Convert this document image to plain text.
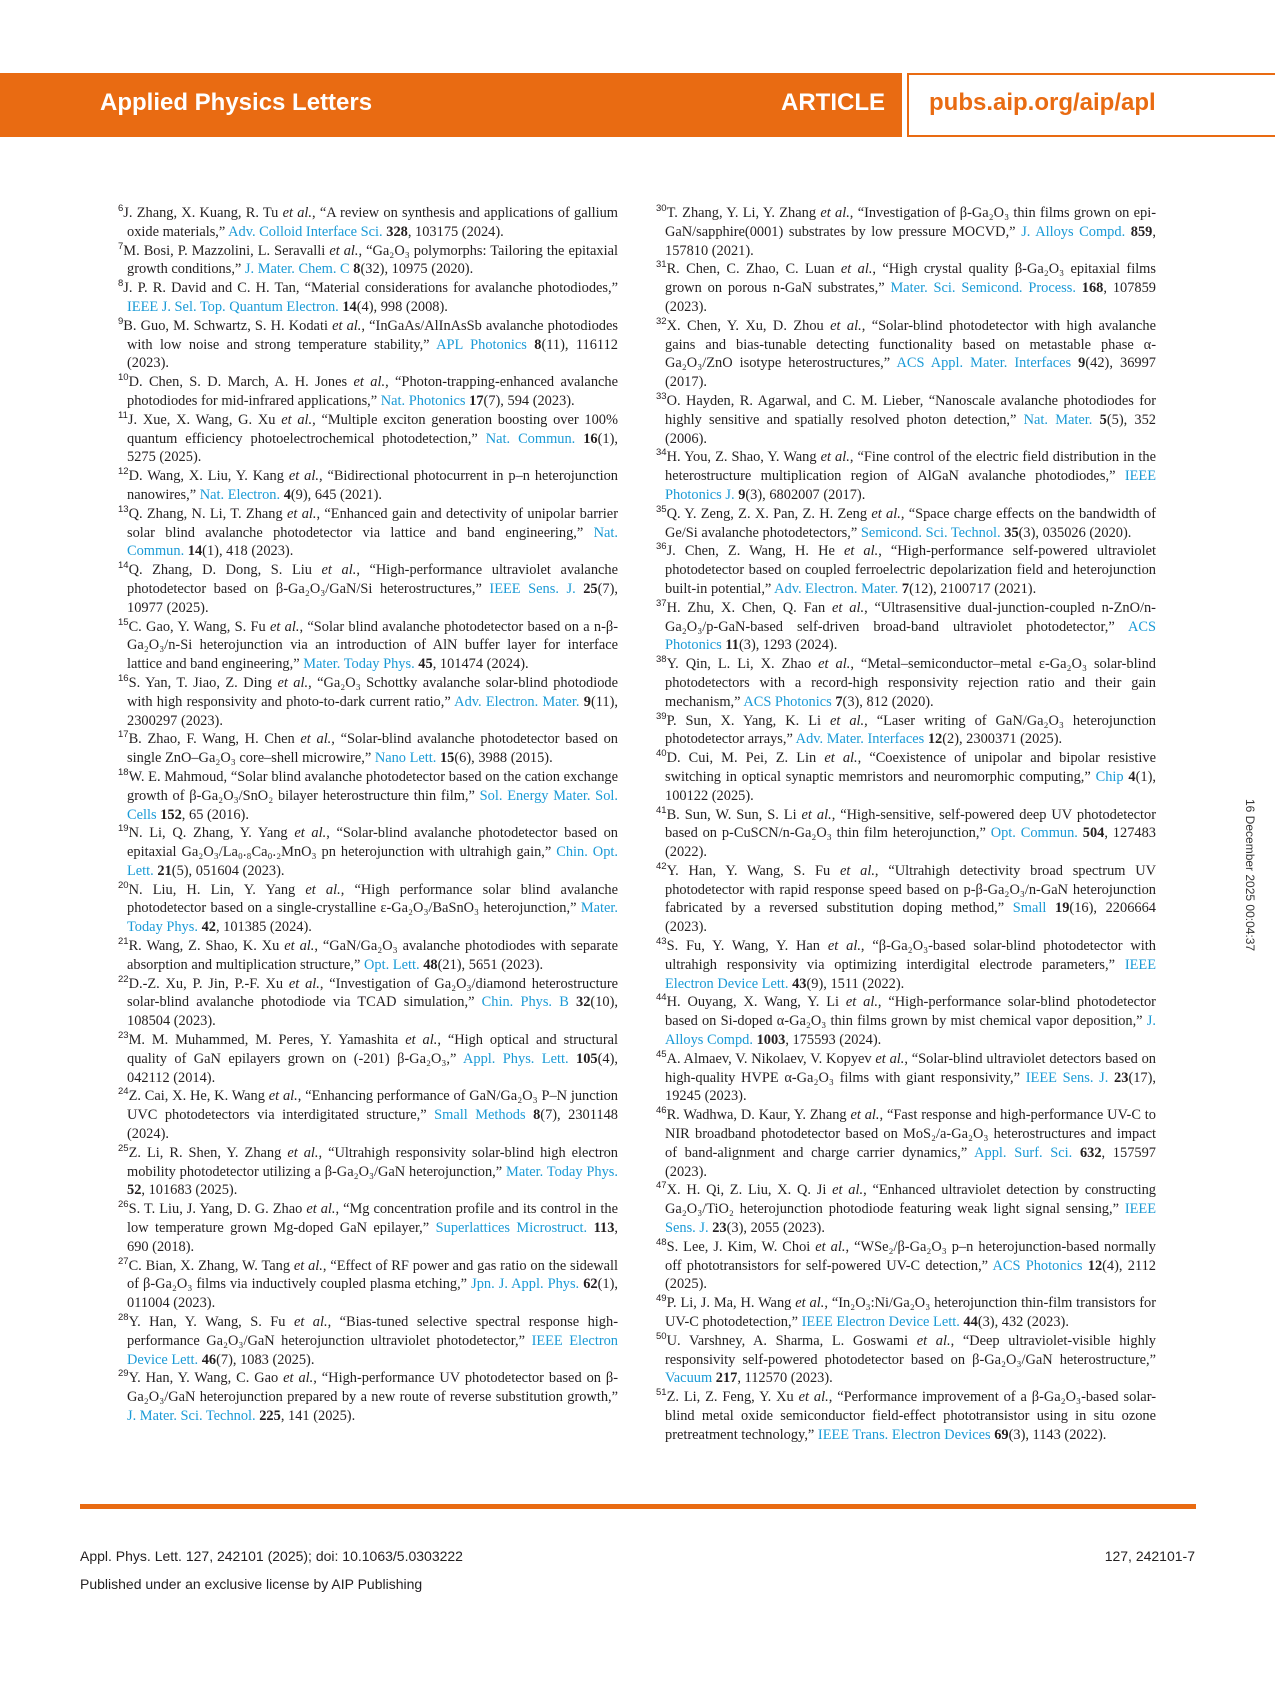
Applied Physics Letters	ARTICLE pubs.aip.org/aip/apl

$^6$J. Zhang, X. Kuang, R. Tu et al., “A review on synthesis and applications of gallium oxide materials,” Adv. Colloid Interface Sci. 328, 103175 (2024).

$^7$M. Bosi, P. Mazzolini, L. Seravalli et al., “Ga₂O₃ polymorphs: Tailoring the epitaxial growth conditions,” J. Mater. Chem. C 8(32), 10975 (2020).

$^8$J. P. R. David and C. H. Tan, “Material considerations for avalanche photodiodes,” IEEE J. Sel. Top. Quantum Electron. 14(4), 998 (2008).

$^9$B. Guo, M. Schwartz, S. H. Kodati et al., “InGaAs/AlInAsSb avalanche photodiodes with low noise and strong temperature stability,” APL Photonics 8(11), 116112 (2023).

$^{10}$D. Chen, S. D. March, A. H. Jones et al., “Photon-trapping-enhanced avalanche photodiodes for mid-infrared applications,” Nat. Photonics 17(7), 594 (2023).

$^{11}$J. Xue, X. Wang, G. Xu et al., “Multiple exciton generation boosting over 100% quantum efficiency photoelectrochemical photodetection,” Nat. Commun. 16(1), 5275 (2025).

$^{12}$D. Wang, X. Liu, Y. Kang et al., “Bidirectional photocurrent in p–n heterojunction nanowires,” Nat. Electron. 4(9), 645 (2021).

$^{13}$Q. Zhang, N. Li, T. Zhang et al., “Enhanced gain and detectivity of unipolar barrier solar blind avalanche photodetector via lattice and band engineering,” Nat. Commun. 14(1), 418 (2023).

$^{14}$Q. Zhang, D. Dong, S. Liu et al., “High-performance ultraviolet avalanche photodetector based on β-Ga₂O₃/GaN/Si heterostructures,” IEEE Sens. J. 25(7), 10977 (2025).

$^{15}$C. Gao, Y. Wang, S. Fu et al., “Solar blind avalanche photodetector based on a n-β-Ga₂O₃/n-Si heterojunction via an introduction of AlN buffer layer for interface lattice and band engineering,” Mater. Today Phys. 45, 101474 (2024).

$^{16}$S. Yan, T. Jiao, Z. Ding et al., “Ga₂O₃ Schottky avalanche solar-blind photodiode with high responsivity and photo-to-dark current ratio,” Adv. Electron. Mater. 9(11), 2300297 (2023).

$^{17}$B. Zhao, F. Wang, H. Chen et al., “Solar-blind avalanche photodetector based on single ZnO–Ga₂O₃ core–shell microwire,” Nano Lett. 15(6), 3988 (2015).

$^{18}$W. E. Mahmoud, “Solar blind avalanche photodetector based on the cation exchange growth of β-Ga₂O₃/SnO₂ bilayer heterostructure thin film,” Sol. Energy Mater. Sol. Cells 152, 65 (2016).

$^{19}$N. Li, Q. Zhang, Y. Yang et al., “Solar-blind avalanche photodetector based on epitaxial Ga₂O₃/La₀.₈Ca₀.₂MnO₃ pn heterojunction with ultrahigh gain,” Chin. Opt. Lett. 21(5), 051604 (2023).

$^{20}$N. Liu, H. Lin, Y. Yang et al., “High performance solar blind avalanche photodetector based on a single-crystalline ε-Ga₂O₃/BaSnO₃ heterojunction,” Mater. Today Phys. 42, 101385 (2024).

$^{21}$R. Wang, Z. Shao, K. Xu et al., “GaN/Ga₂O₃ avalanche photodiodes with separate absorption and multiplication structure,” Opt. Lett. 48(21), 5651 (2023).

$^{22}$D.-Z. Xu, P. Jin, P.-F. Xu et al., “Investigation of Ga₂O₃/diamond heterostructure solar-blind avalanche photodiode via TCAD simulation,” Chin. Phys. B 32(10), 108504 (2023).

$^{23}$M. M. Muhammed, M. Peres, Y. Yamashita et al., “High optical and structural quality of GaN epilayers grown on (-201) β-Ga₂O₃,” Appl. Phys. Lett. 105(4), 042112 (2014).

$^{24}$Z. Cai, X. He, K. Wang et al., “Enhancing performance of GaN/Ga₂O₃ P–N junction UVC photodetectors via interdigitated structure,” Small Methods 8(7), 2301148 (2024).

$^{25}$Z. Li, R. Shen, Y. Zhang et al., “Ultrahigh responsivity solar-blind high electron mobility photodetector utilizing a β-Ga₂O₃/GaN heterojunction,” Mater. Today Phys. 52, 101683 (2025).

$^{26}$S. T. Liu, J. Yang, D. G. Zhao et al., “Mg concentration profile and its control in the low temperature grown Mg-doped GaN epilayer,” Superlattices Microstruct. 113, 690 (2018).

$^{27}$C. Bian, X. Zhang, W. Tang et al., “Effect of RF power and gas ratio on the sidewall of β-Ga₂O₃ films via inductively coupled plasma etching,” Jpn. J. Appl. Phys. 62(1), 011004 (2023).

$^{28}$Y. Han, Y. Wang, S. Fu et al., “Bias-tuned selective spectral response high-performance Ga₂O₃/GaN heterojunction ultraviolet photodetector,” IEEE Electron Device Lett. 46(7), 1083 (2025).

$^{29}$Y. Han, Y. Wang, C. Gao et al., “High-performance UV photodetector based on β-Ga₂O₃/GaN heterojunction prepared by a new route of reverse substitution growth,” J. Mater. Sci. Technol. 225, 141 (2025).

$^{30}$T. Zhang, Y. Li, Y. Zhang et al., “Investigation of β-Ga₂O₃ thin films grown on epi-GaN/sapphire(0001) substrates by low pressure MOCVD,” J. Alloys Compd. 859, 157810 (2021).

$^{31}$R. Chen, C. Zhao, C. Luan et al., “High crystal quality β-Ga₂O₃ epitaxial films grown on porous n-GaN substrates,” Mater. Sci. Semicond. Process. 168, 107859 (2023).

$^{32}$X. Chen, Y. Xu, D. Zhou et al., “Solar-blind photodetector with high avalanche gains and bias-tunable detecting functionality based on metastable phase α-Ga₂O₃/ZnO isotype heterostructures,” ACS Appl. Mater. Interfaces 9(42), 36997 (2017).

$^{33}$O. Hayden, R. Agarwal, and C. M. Lieber, “Nanoscale avalanche photodiodes for highly sensitive and spatially resolved photon detection,” Nat. Mater. 5(5), 352 (2006).

$^{34}$H. You, Z. Shao, Y. Wang et al., “Fine control of the electric field distribution in the heterostructure multiplication region of AlGaN avalanche photodiodes,” IEEE Photonics J. 9(3), 6802007 (2017).

$^{35}$Q. Y. Zeng, Z. X. Pan, Z. H. Zeng et al., “Space charge effects on the bandwidth of Ge/Si avalanche photodetectors,” Semicond. Sci. Technol. 35(3), 035026 (2020).

$^{36}$J. Chen, Z. Wang, H. He et al., “High-performance self-powered ultraviolet photodetector based on coupled ferroelectric depolarization field and heterojunction built-in potential,” Adv. Electron. Mater. 7(12), 2100717 (2021).

$^{37}$H. Zhu, X. Chen, Q. Fan et al., “Ultrasensitive dual-junction-coupled n-ZnO/n-Ga₂O₃/p-GaN-based self-driven broad-band ultraviolet photodetector,” ACS Photonics 11(3), 1293 (2024).

$^{38}$Y. Qin, L. Li, X. Zhao et al., “Metal–semiconductor–metal ε-Ga₂O₃ solar-blind photodetectors with a record-high responsivity rejection ratio and their gain mechanism,” ACS Photonics 7(3), 812 (2020).

$^{39}$P. Sun, X. Yang, K. Li et al., “Laser writing of GaN/Ga₂O₃ heterojunction photodetector arrays,” Adv. Mater. Interfaces 12(2), 2300371 (2025).

$^{40}$D. Cui, M. Pei, Z. Lin et al., “Coexistence of unipolar and bipolar resistive switching in optical synaptic memristors and neuromorphic computing,” Chip 4(1), 100122 (2025).

$^{41}$B. Sun, W. Sun, S. Li et al., “High-sensitive, self-powered deep UV photodetector based on p-CuSCN/n-Ga₂O₃ thin film heterojunction,” Opt. Commun. 504, 127483 (2022).

$^{42}$Y. Han, Y. Wang, S. Fu et al., “Ultrahigh detectivity broad spectrum UV photodetector with rapid response speed based on p-β-Ga₂O₃/n-GaN heterojunction fabricated by a reversed substitution doping method,” Small 19(16), 2206664 (2023).

$^{43}$S. Fu, Y. Wang, Y. Han et al., “β-Ga₂O₃-based solar-blind photodetector with ultrahigh responsivity via optimizing interdigital electrode parameters,” IEEE Electron Device Lett. 43(9), 1511 (2022).

$^{44}$H. Ouyang, X. Wang, Y. Li et al., “High-performance solar-blind photodetector based on Si-doped α-Ga₂O₃ thin films grown by mist chemical vapor deposition,” J. Alloys Compd. 1003, 175593 (2024).

$^{45}$A. Almaev, V. Nikolaev, V. Kopyev et al., “Solar-blind ultraviolet detectors based on high-quality HVPE α-Ga₂O₃ films with giant responsivity,” IEEE Sens. J. 23(17), 19245 (2023).

$^{46}$R. Wadhwa, D. Kaur, Y. Zhang et al., “Fast response and high-performance UV-C to NIR broadband photodetector based on MoS₂/a-Ga₂O₃ heterostructures and impact of band-alignment and charge carrier dynamics,” Appl. Surf. Sci. 632, 157597 (2023).

$^{47}$X. H. Qi, Z. Liu, X. Q. Ji et al., “Enhanced ultraviolet detection by constructing Ga₂O₃/TiO₂ heterojunction photodiode featuring weak light signal sensing,” IEEE Sens. J. 23(3), 2055 (2023).

$^{48}$S. Lee, J. Kim, W. Choi et al., “WSe₂/β-Ga₂O₃ p–n heterojunction-based normally off phototransistors for self-powered UV-C detection,” ACS Photonics 12(4), 2112 (2025).

$^{49}$P. Li, J. Ma, H. Wang et al., “In₂O₃:Ni/Ga₂O₃ heterojunction thin-film transistors for UV-C photodetection,” IEEE Electron Device Lett. 44(3), 432 (2023).

$^{50}$U. Varshney, A. Sharma, L. Goswami et al., “Deep ultraviolet-visible highly responsivity self-powered photodetector based on β-Ga₂O₃/GaN heterostructure,” Vacuum 217, 112570 (2023).

$^{51}$Z. Li, Z. Feng, Y. Xu et al., “Performance improvement of a β-Ga₂O₃-based solar-blind metal oxide semiconductor field-effect phototransistor using in situ ozone pretreatment technology,” IEEE Trans. Electron Devices 69(3), 1143 (2022).

Appl. Phys. Lett. 127, 242101 (2025); doi: 10.1063/5.0303222	127, 242101-7
Published under an exclusive license by AIP Publishing
16 December 2025 00:04:37
